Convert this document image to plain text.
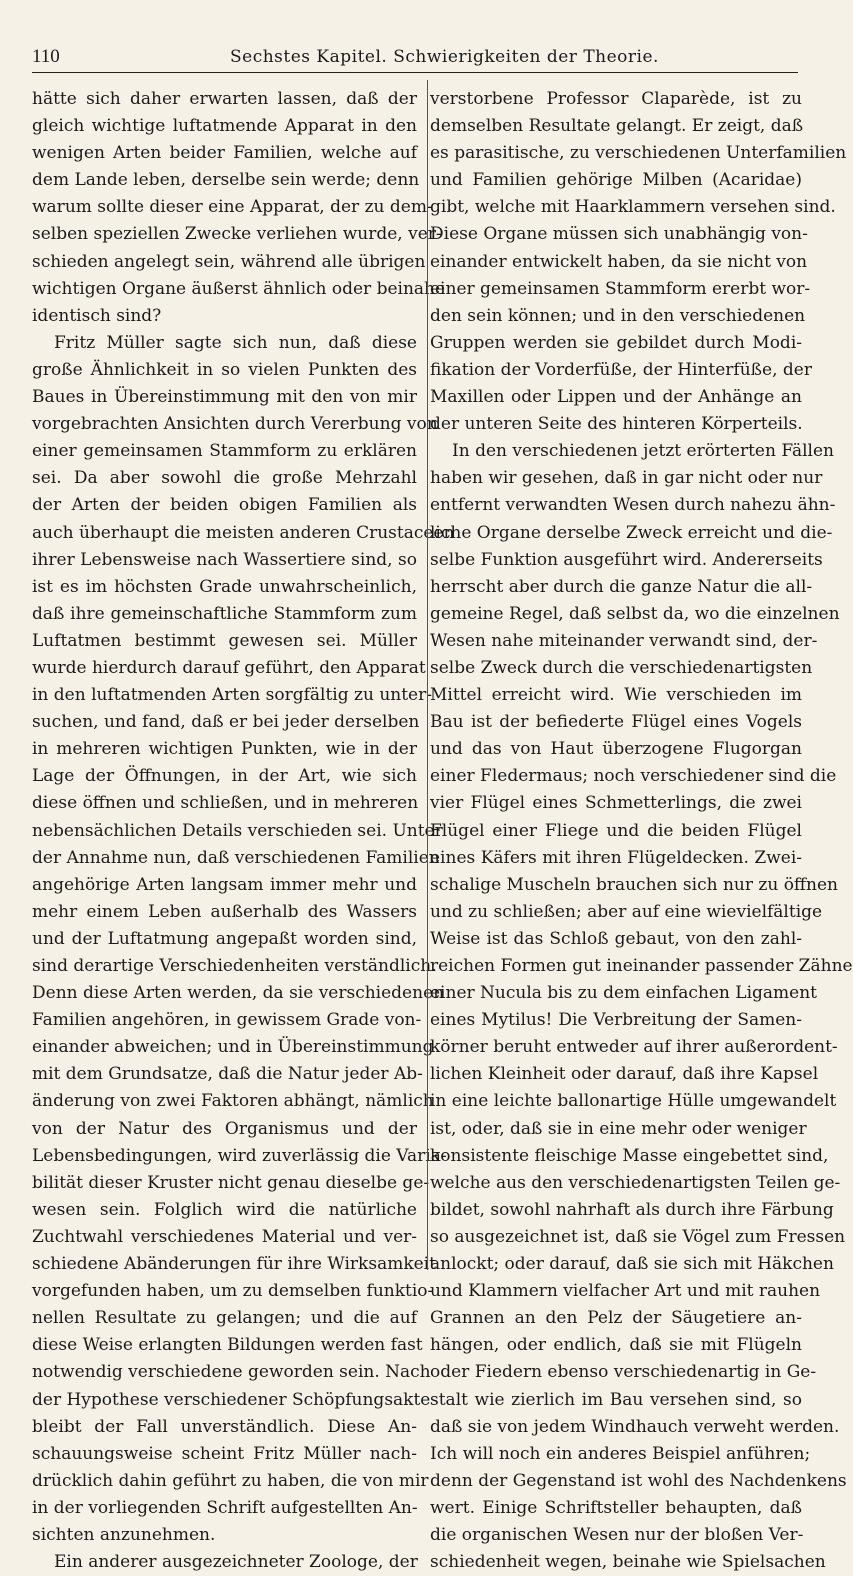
110	Sechstes Kapitel. Schwierigkeiten der Theorie.
hätte sich daher erwarten lassen, daß der
gleich wichtige luftatmende Apparat in den
wenigen Arten beider Familien, welche auf
dem Lande leben, derselbe sein werde; denn
warum sollte dieser eine Apparat, der zu dem-
selben speziellen Zwecke verliehen wurde, ver-
schieden angelegt sein, während alle übrigen
wichtigen Organe äußerst ähnlich oder beinahe
identisch sind?
Fritz Müller sagte sich nun, daß diese
große Ähnlichkeit in so vielen Punkten des
Baues in Übereinstimmung mit den von mir
vorgebrachten Ansichten durch Vererbung von
einer gemeinsamen Stammform zu erklären
sei. Da aber sowohl die große Mehrzahl
der Arten der beiden obigen Familien als
auch überhaupt die meisten anderen Crustaceen
ihrer Lebensweise nach Wassertiere sind, so
ist es im höchsten Grade unwahrscheinlich,
daß ihre gemeinschaftliche Stammform zum
Luftatmen bestimmt gewesen sei. Müller
wurde hierdurch darauf geführt, den Apparat
in den luftatmenden Arten sorgfältig zu unter-
suchen, und fand, daß er bei jeder derselben
in mehreren wichtigen Punkten, wie in der
Lage der Öffnungen, in der Art, wie sich
diese öffnen und schließen, und in mehreren
nebensächlichen Details verschieden sei. Unter
der Annahme nun, daß verschiedenen Familien
angehörige Arten langsam immer mehr und
mehr einem Leben außerhalb des Wassers
und der Luftatmung angepaßt worden sind,
sind derartige Verschiedenheiten verständlich.
Denn diese Arten werden, da sie verschiedenen
Familien angehören, in gewissem Grade von-
einander abweichen; und in Übereinstimmung
mit dem Grundsatze, daß die Natur jeder Ab-
änderung von zwei Faktoren abhängt, nämlich
von der Natur des Organismus und der
Lebensbedingungen, wird zuverlässig die Varia-
bilität dieser Kruster nicht genau dieselbe ge-
wesen sein. Folglich wird die natürliche
Zuchtwahl verschiedenes Material und ver-
schiedene Abänderungen für ihre Wirksamkeit
vorgefunden haben, um zu demselben funktio-
nellen Resultate zu gelangen; und die auf
diese Weise erlangten Bildungen werden fast
notwendig verschiedene geworden sein. Nach
der Hypothese verschiedener Schöpfungsakte
bleibt der Fall unverständlich. Diese An-
schauungsweise scheint Fritz Müller nach-
drücklich dahin geführt zu haben, die von mir
in der vorliegenden Schrift aufgestellten An-
sichten anzunehmen.
Ein anderer ausgezeichneter Zoologe, der
verstorbene Professor Claparède, ist zu
demselben Resultate gelangt. Er zeigt, daß
es parasitische, zu verschiedenen Unterfamilien
und Familien gehörige Milben (Acaridae)
gibt, welche mit Haarklammern versehen sind.
Diese Organe müssen sich unabhängig von-
einander entwickelt haben, da sie nicht von
einer gemeinsamen Stammform ererbt wor-
den sein können; und in den verschiedenen
Gruppen werden sie gebildet durch Modi-
fikation der Vorderfüße, der Hinterfüße, der
Maxillen oder Lippen und der Anhänge an
der unteren Seite des hinteren Körperteils.
In den verschiedenen jetzt erörterten Fällen
haben wir gesehen, daß in gar nicht oder nur
entfernt verwandten Wesen durch nahezu ähn-
liche Organe derselbe Zweck erreicht und die-
selbe Funktion ausgeführt wird. Andererseits
herrscht aber durch die ganze Natur die all-
gemeine Regel, daß selbst da, wo die einzelnen
Wesen nahe miteinander verwandt sind, der-
selbe Zweck durch die verschiedenartigsten
Mittel erreicht wird. Wie verschieden im
Bau ist der befiederte Flügel eines Vogels
und das von Haut überzogene Flugorgan
einer Fledermaus; noch verschiedener sind die
vier Flügel eines Schmetterlings, die zwei
Flügel einer Fliege und die beiden Flügel
eines Käfers mit ihren Flügeldecken. Zwei-
schalige Muscheln brauchen sich nur zu öffnen
und zu schließen; aber auf eine wievielfältige
Weise ist das Schloß gebaut, von den zahl-
reichen Formen gut ineinander passender Zähne
einer Nucula bis zu dem einfachen Ligament
eines Mytilus! Die Verbreitung der Samen-
körner beruht entweder auf ihrer außerordent-
lichen Kleinheit oder darauf, daß ihre Kapsel
in eine leichte ballonartige Hülle umgewandelt
ist, oder, daß sie in eine mehr oder weniger
konsistente fleischige Masse eingebettet sind,
welche aus den verschiedenartigsten Teilen ge-
bildet, sowohl nahrhaft als durch ihre Färbung
so ausgezeichnet ist, daß sie Vögel zum Fressen
anlockt; oder darauf, daß sie sich mit Häkchen
und Klammern vielfacher Art und mit rauhen
Grannen an den Pelz der Säugetiere an-
hängen, oder endlich, daß sie mit Flügeln
oder Fiedern ebenso verschiedenartig in Ge-
stalt wie zierlich im Bau versehen sind, so
daß sie von jedem Windhauch verweht werden.
Ich will noch ein anderes Beispiel anführen;
denn der Gegenstand ist wohl des Nachdenkens
wert. Einige Schriftsteller behaupten, daß
die organischen Wesen nur der bloßen Ver-
schiedenheit wegen, beinahe wie Spielsachen
